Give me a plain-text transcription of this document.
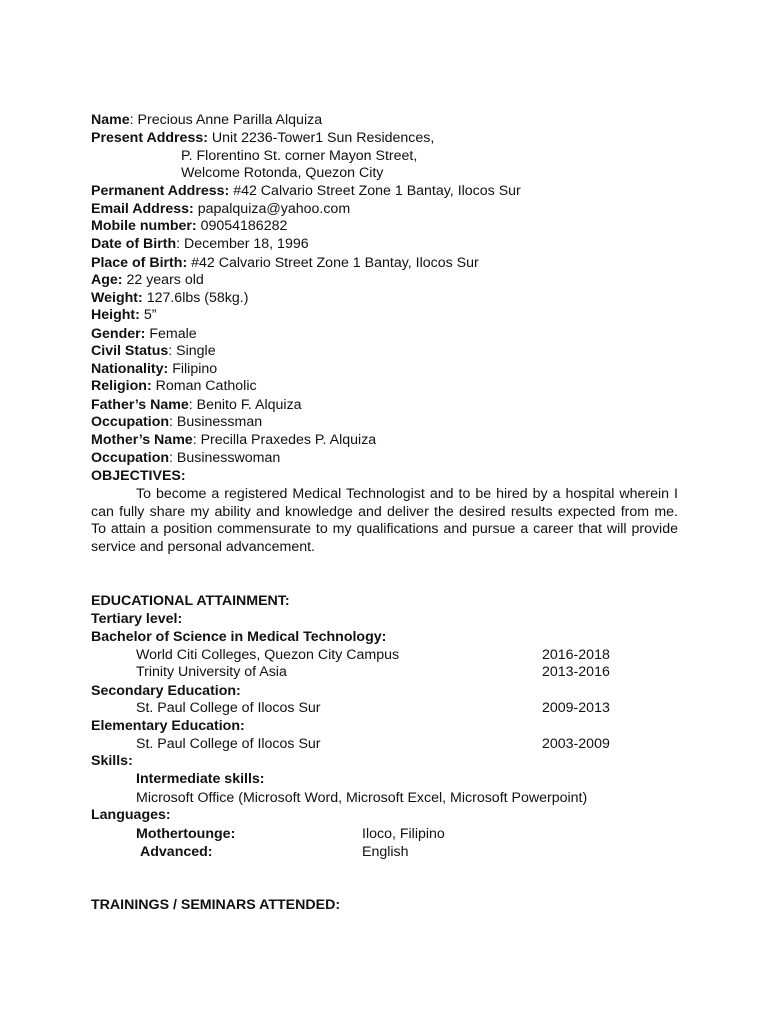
Name: Precious Anne Parilla Alquiza
Present Address: Unit 2236-Tower1 Sun Residences,
P. Florentino St. corner Mayon Street,
Welcome Rotonda, Quezon City
Permanent Address: #42 Calvario Street Zone 1 Bantay, Ilocos Sur
Email Address: papalquiza@yahoo.com
Mobile number: 09054186282
Date of Birth: December 18, 1996
Place of Birth: #42 Calvario Street Zone 1 Bantay, Ilocos Sur
Age: 22 years old
Weight: 127.6lbs (58kg.)
Height: 5”
Gender: Female
Civil Status: Single
Nationality: Filipino
Religion: Roman Catholic
Father’s Name: Benito F. Alquiza
Occupation: Businessman
Mother’s Name: Precilla Praxedes P. Alquiza
Occupation: Businesswoman
OBJECTIVES:
To become a registered Medical Technologist and to be hired by a hospital wherein I can fully share my ability and knowledge and deliver the desired results expected from me. To attain a position commensurate to my qualifications and pursue a career that will provide service and personal advancement.
EDUCATIONAL ATTAINMENT:
Tertiary level:
Bachelor of Science in Medical Technology:
World Citi Colleges, Quezon City Campus	2016-2018
Trinity University of Asia	2013-2016
Secondary Education:
St. Paul College of Ilocos Sur	2009-2013
Elementary Education:
St. Paul College of Ilocos Sur	2003-2009
Skills:
Intermediate skills:
Microsoft Office (Microsoft Word, Microsoft Excel, Microsoft Powerpoint)
Languages:
Mothertounge:	Iloco, Filipino
Advanced:	English
TRAININGS / SEMINARS ATTENDED:
